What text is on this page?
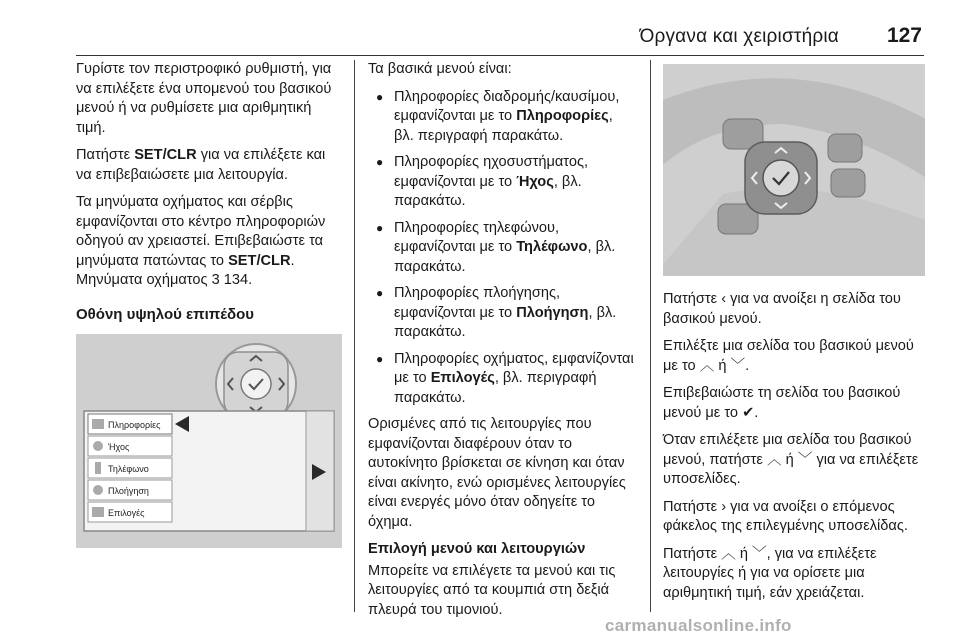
Όργανα και χειριστήρια 127

Γυρίστε τον περιστροφικό ρυθμιστή, για να επιλέξετε ένα υπομενού του βασικού μενού ή να ρυθμίσετε μια αριθμητική τιμή.

Πατήστε SET/CLR για να επιλέξετε και να επιβεβαιώσετε μια λειτουργία.

Τα μηνύματα οχήματος και σέρβις εμφανίζονται στο κέντρο πληροφοριών οδηγού αν χρειαστεί. Επιβεβαιώστε τα μηνύματα πατώντας το SET/CLR.
Μηνύματα οχήματος 3 134.

Οθόνη υψηλού επιπέδου

Πληροφορίες
Ήχος
Τηλέφωνο
Πλοήγηση
Επιλογές

Τα βασικά μενού είναι:

● Πληροφορίες διαδρομής/καυσίμου, εμφανίζονται με το Πληροφορίες, βλ. περιγραφή παρακάτω.
● Πληροφορίες ηχοσυστήματος, εμφανίζονται με το Ήχος, βλ. παρακάτω.
● Πληροφορίες τηλεφώνου, εμφανίζονται με το Τηλέφωνο, βλ. παρακάτω.
● Πληροφορίες πλοήγησης, εμφανίζονται με το Πλοήγηση, βλ. παρακάτω.
● Πληροφορίες οχήματος, εμφανίζονται με το Επιλογές, βλ. περιγραφή παρακάτω.

Ορισμένες από τις λειτουργίες που εμφανίζονται διαφέρουν όταν το αυτοκίνητο βρίσκεται σε κίνηση και όταν είναι ακίνητο, ενώ ορισμένες λειτουργίες είναι ενεργές μόνο όταν οδηγείτε το όχημα.

Επιλογή μενού και λειτουργιών

Μπορείτε να επιλέγετε τα μενού και τις λειτουργίες από τα κουμπιά στη δεξιά πλευρά του τιμονιού.

Πατήστε ‹ για να ανοίξει η σελίδα του βασικού μενού.

Επιλέξτε μια σελίδα του βασικού μενού με το ︿ ή ﹀.

Επιβεβαιώστε τη σελίδα του βασικού μενού με το ✔.

Όταν επιλέξετε μια σελίδα του βασικού μενού, πατήστε ︿ ή ﹀ για να επιλέξετε υποσελίδες.

Πατήστε › για να ανοίξει ο επόμενος φάκελος της επιλεγμένης υποσελίδας.

Πατήστε ︿ ή ﹀, για να επιλέξετε λειτουργίες ή για να ορίσετε μια αριθμητική τιμή, εάν χρειάζεται.

carmanualsonline.info
